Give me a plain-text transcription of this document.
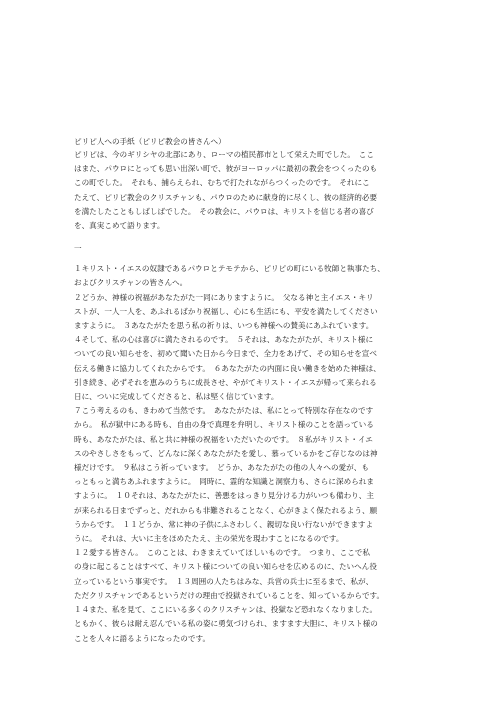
ピリピ人への手紙（ピリピ教会の皆さんへ）

ピリピは、今のギリシヤの北部にあり、ローマの植民都市として栄えた町でした。　ここ
はまた、パウロにとっても思い出深い町で、彼がヨーロッパに最初の教会をつくったのも
この町でした。　それも、捕らえられ、むちで打たれながらつくったのです。　それにこ
たえて、ピリピ教会のクリスチャンも、パウロのために献身的に尽くし、彼の経済的必要
を満たしたこともしばしばでした。　その教会に、パウロは、キリストを信じる者の喜び
を、真実こめて語ります。

一

１キリスト・イエスの奴隷であるパウロとテモテから、ピリピの町にいる牧師と執事たち、
およびクリスチャンの皆さんへ。
２どうか、神様の祝福があなたがた一同にありますように。　父なる神と主イエス・キリ
ストが、一人一人を、あふれるばかり祝福し、心にも生活にも、平安を満たしてください
ますように。　３あなたがたを思う私の祈りは、いつも神様への賛美にあふれています。
４そして、私の心は喜びに満たされるのです。　５それは、あなたがたが、キリスト様に
ついての良い知らせを、初めて聞いた日から今日まで、全力をあげて、その知らせを宣べ
伝える働きに協力してくれたからです。　６あなたがたの内面に良い働きを始めた神様は、
引き続き、必ずそれを恵みのうちに成長させ、やがてキリスト・イエスが帰って来られる
日に、ついに完成してくださると、私は堅く信じています。
７こう考えるのも、きわめて当然です。　あなたがたは、私にとって特別な存在なのです
から。　私が獄中にある時も、自由の身で真理を弁明し、キリスト様のことを語っている
時も、あなたがたは、私と共に神様の祝福をいただいたのです。　８私がキリスト・イエ
スのやさしさをもって、どんなに深くあなたがたを愛し、慕っているかをご存じなのは神
様だけです。　９私はこう祈っています。　どうか、あなたがたの他の人々への愛が、も
っともっと満ちあふれますように。　同時に、霊的な知識と洞察力も、さらに深められま
すように。　１０それは、あなたがたに、善悪をはっきり見分ける力がいつも備わり、主
が来られる日までずっと、だれからも非難されることなく、心がきよく保たれるよう、願
うからです。　１１どうか、常に神の子供にふさわしく、親切な良い行ないができますよ
うに。　それは、大いに主をほめたたえ、主の栄光を現わすことになるのです。
１２愛する皆さん。　このことは、わきまえていてほしいものです。　つまり、ここで私
の身に起こることはすべて、キリスト様についての良い知らせを広めるのに、たいへん役
立っているという事実です。　１３周囲の人たちはみな、兵営の兵士に至るまで、私が、
ただクリスチャンであるというだけの理由で投獄されていることを、知っているからです。
１４また、私を見て、ここにいる多くのクリスチャンは、投獄など恐れなくなりました。
ともかく、彼らは耐え忍んでいる私の姿に勇気づけられ、ますます大胆に、キリスト様の
ことを人々に語るようになったのです。
